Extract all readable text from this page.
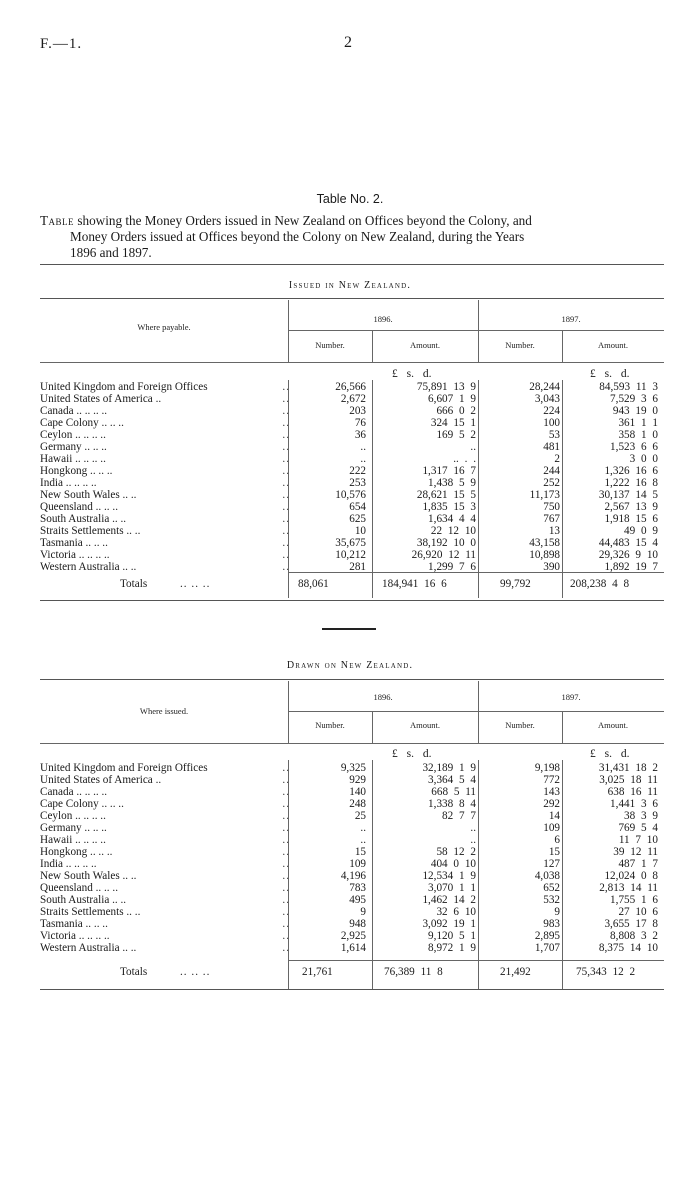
F.—1.	2
Table No. 2.
Table showing the Money Orders issued in New Zealand on Offices beyond the Colony, and
Money Orders issued at Offices beyond the Colony on New Zealand, during the Years
1896 and 1897.
Issued in New Zealand.
Where payable.
1896.	1897.
Number.	Amount.	Number.	Amount.
£ s. d.	£ s. d.
United Kingdom and Foreign Offices	..	26,566	75,891 13 9	28,244	84,593 11 3
United States of America ..	..	2,672	6,607 1 9	3,043	7,529 3 6
Canada .. .. .. ..	..	203	666 0 2	224	943 19 0
Cape Colony .. .. ..	..	76	324 15 1	100	361 1 1
Ceylon .. .. .. ..	..	36	169 5 2	53	358 1 0
Germany .. .. ..	..	..	..	481	1,523 6 6
Hawaii .. .. .. ..	..	..	.. . .	2	3 0 0
Hongkong .. .. ..	..	222	1,317 16 7	244	1,326 16 6
India .. .. .. ..	..	253	1,438 5 9	252	1,222 16 8
New South Wales .. ..	..	10,576	28,621 15 5	11,173	30,137 14 5
Queensland .. .. ..	..	654	1,835 15 3	750	2,567 13 9
South Australia .. ..	..	625	1,634 4 4	767	1,918 15 6
Straits Settlements .. ..	..	10	22 12 10	13	49 0 9
Tasmania .. .. ..	..	35,675	38,192 10 0	43,158	44,483 15 4
Victoria .. .. .. ..	..	10,212	26,920 12 11	10,898	29,326 9 10
Western Australia .. ..	..	281	1,299 7 6	390	1,892 19 7
Totals	.. .. ..	88,061	184,941 16 6	99,792	208,238 4 8
Drawn on New Zealand.
Where issued.
1896.	1897.
Number.	Amount.	Number.	Amount.
£ s. d.	£ s. d.
United Kingdom and Foreign Offices	..	9,325	32,189 1 9	9,198	31,431 18 2
United States of America ..	..	929	3,364 5 4	772	3,025 18 11
Canada .. .. .. ..	..	140	668 5 11	143	638 16 11
Cape Colony .. .. ..	..	248	1,338 8 4	292	1,441 3 6
Ceylon .. .. .. ..	..	25	82 7 7	14	38 3 9
Germany .. .. ..	..	..	..	109	769 5 4
Hawaii .. .. .. ..	..	..	..	6	11 7 10
Hongkong .. .. ..	..	15	58 12 2	15	39 12 11
India .. .. .. ..	..	109	404 0 10	127	487 1 7
New South Wales .. ..	..	4,196	12,534 1 9	4,038	12,024 0 8
Queensland .. .. ..	..	783	3,070 1 1	652	2,813 14 11
South Australia .. ..	..	495	1,462 14 2	532	1,755 1 6
Straits Settlements .. ..	..	9	32 6 10	9	27 10 6
Tasmania .. .. ..	..	948	3,092 19 1	983	3,655 17 8
Victoria .. .. .. ..	..	2,925	9,120 5 1	2,895	8,808 3 2
Western Australia .. ..	..	1,614	8,972 1 9	1,707	8,375 14 10
Totals	.. .. ..	21,761	76,389 11 8	21,492	75,343 12 2
